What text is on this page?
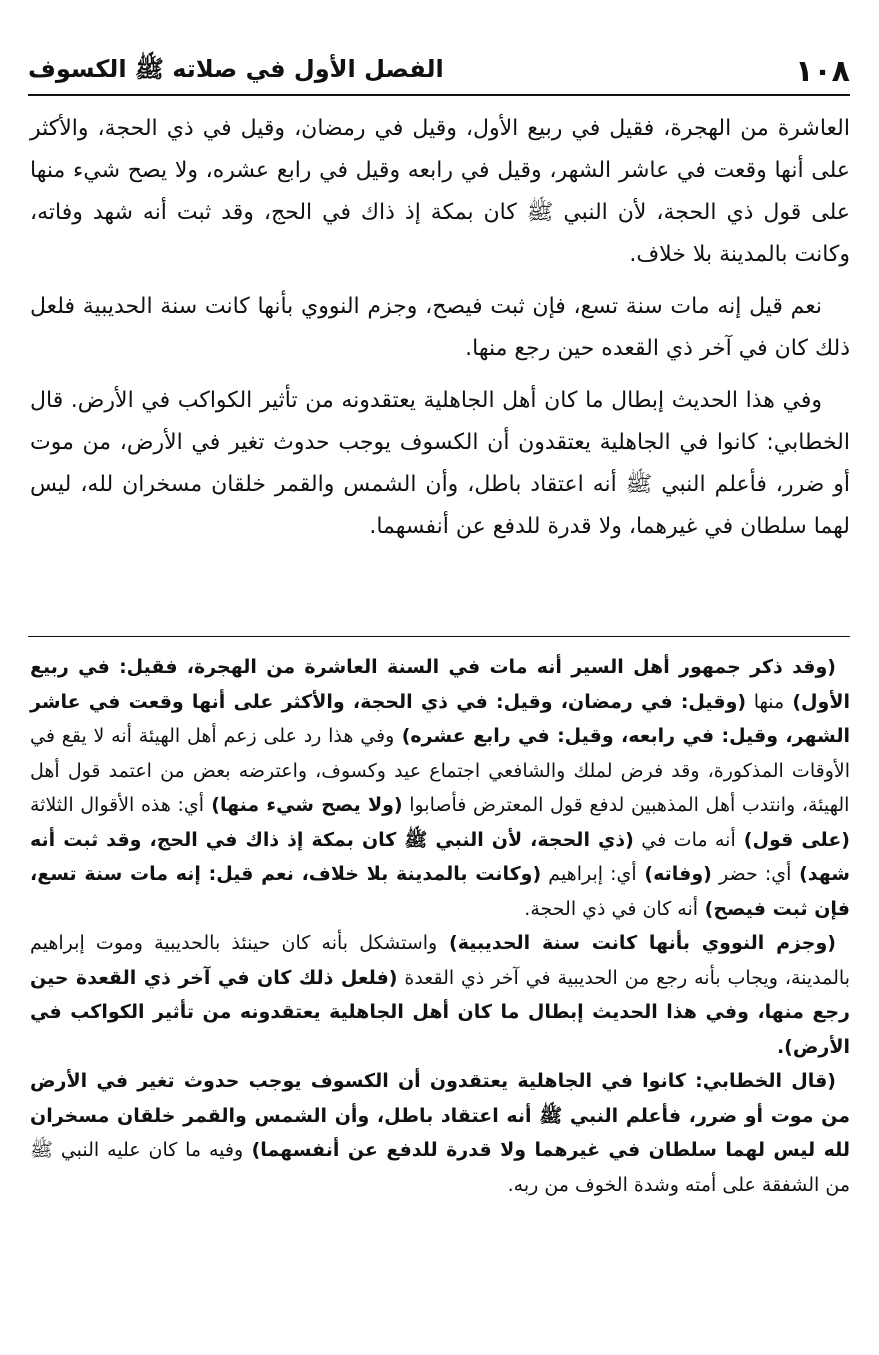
١٠٨
الفصل الأول في صلاته ﷺ الكسوف

العاشرة من الهجرة، فقيل في ربيع الأول، وقيل في رمضان، وقيل في ذي الحجة، والأكثر على أنها وقعت في عاشر الشهر، وقيل في رابعه وقيل في رابع عشره، ولا يصح شيء منها على قول ذي الحجة، لأن النبي ﷺ كان بمكة إذ ذاك في الحج، وقد ثبت أنه شهد وفاته، وكانت بالمدينة بلا خلاف.

نعم قيل إنه مات سنة تسع، فإن ثبت فيصح، وجزم النووي بأنها كانت سنة الحديبية فلعل ذلك كان في آخر ذي القعده حين رجع منها.

وفي هذا الحديث إبطال ما كان أهل الجاهلية يعتقدونه من تأثير الكواكب في الأرض. قال الخطابي: كانوا في الجاهلية يعتقدون أن الكسوف يوجب حدوث تغير في الأرض، من موت أو ضرر، فأعلم النبي ﷺ أنه اعتقاد باطل، وأن الشمس والقمر خلقان مسخران لله، ليس لهما سلطان في غيرهما، ولا قدرة للدفع عن أنفسهما.

(وقد ذكر جمهور أهل السير أنه مات في السنة العاشرة من الهجرة، فقيل: في ربيع الأول) منها (وقيل: في رمضان، وقيل: في ذي الحجة، والأكثر على أنها وقعت في عاشر الشهر، وقيل: في رابعه، وقيل: في رابع عشره) وفي هذا رد على زعم أهل الهيئة أنه لا يقع في الأوقات المذكورة، وقد فرض لملك والشافعي اجتماع عيد وكسوف، واعترضه بعض من اعتمد قول أهل الهيئة، وانتدب أهل المذهبين لدفع قول المعترض فأصابوا (ولا يصح شيء منها) أي: هذه الأقوال الثلاثة (على قول) أنه مات في (ذي الحجة، لأن النبي ﷺ كان بمكة إذ ذاك في الحج، وقد ثبت أنه شهد) أي: حضر (وفاته) أي: إبراهيم (وكانت بالمدينة بلا خلاف، نعم قيل: إنه مات سنة تسع، فإن ثبت فيصح) أنه كان في ذي الحجة.

(وجزم النووي بأنها كانت سنة الحديبية) واستشكل بأنه كان حينئذ بالحديبية وموت إبراهيم بالمدينة، ويجاب بأنه رجع من الحديبية في آخر ذي القعدة (فلعل ذلك كان في آخر ذي القعدة حين رجع منها، وفي هذا الحديث إبطال ما كان أهل الجاهلية يعتقدونه من تأثير الكواكب في الأرض).

(قال الخطابي: كانوا في الجاهلية يعتقدون أن الكسوف يوجب حدوث تغير في الأرض من موت أو ضرر، فأعلم النبي ﷺ أنه اعتقاد باطل، وأن الشمس والقمر خلقان مسخران لله ليس لهما سلطان في غيرهما ولا قدرة للدفع عن أنفسهما) وفيه ما كان عليه النبي ﷺ من الشفقة على أمته وشدة الخوف من ربه.
